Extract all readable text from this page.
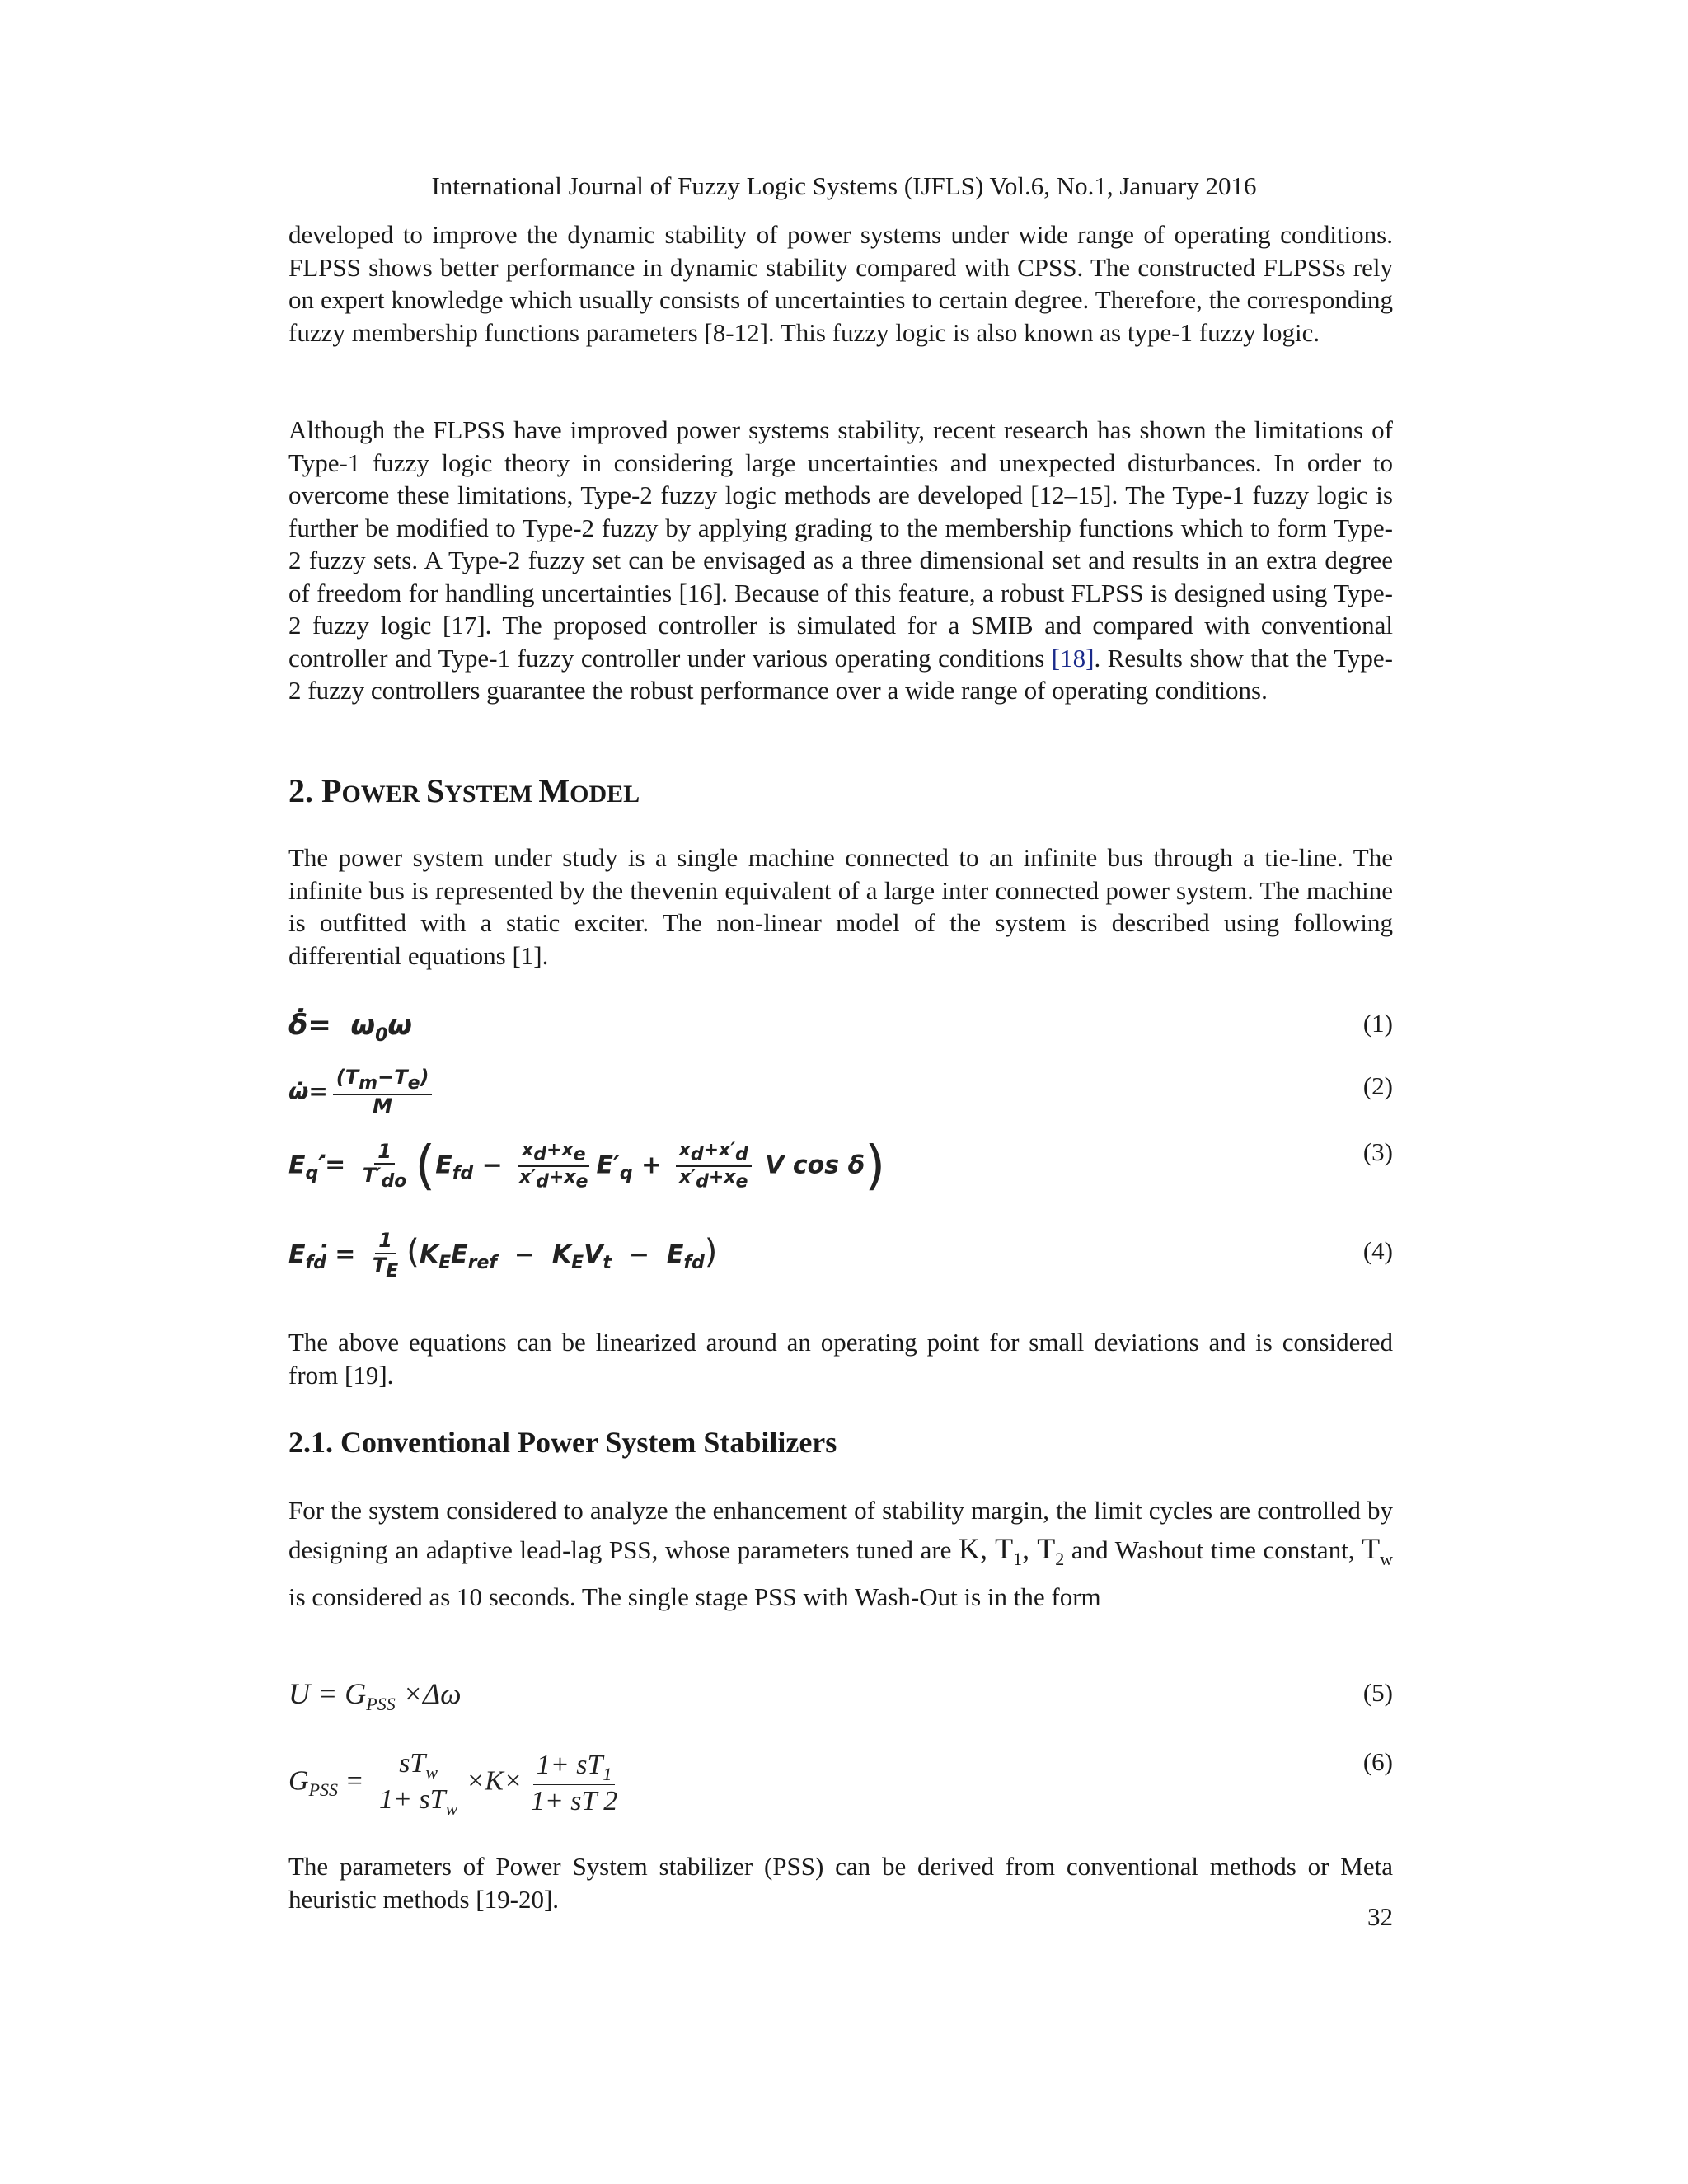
International Journal of Fuzzy Logic Systems (IJFLS) Vol.6, No.1, January 2016

developed to improve the dynamic stability of power systems under wide range of operating conditions. FLPSS shows better performance in dynamic stability compared with CPSS. The constructed FLPSSs rely on expert knowledge which usually consists of uncertainties to certain degree. Therefore, the corresponding fuzzy membership functions parameters [8-12]. This fuzzy logic is also known as type-1 fuzzy logic.

Although the FLPSS have improved power systems stability, recent research has shown the limitations of Type-1 fuzzy logic theory in considering large uncertainties and unexpected disturbances. In order to overcome these limitations, Type-2 fuzzy logic methods are developed [12–15]. The Type-1 fuzzy logic is further be modified to Type-2 fuzzy by applying grading to the membership functions which to form Type-2 fuzzy sets. A Type-2 fuzzy set can be envisaged as a three dimensional set and results in an extra degree of freedom for handling uncertainties [16]. Because of this feature, a robust FLPSS is designed using Type-2 fuzzy logic [17]. The proposed controller is simulated for a SMIB and compared with conventional controller and Type-1 fuzzy controller under various operating conditions [18]. Results show that the Type-2 fuzzy controllers guarantee the robust performance over a wide range of operating conditions.

2. POWER SYSTEM MODEL

The power system under study is a single machine connected to an infinite bus through a tie-line. The infinite bus is represented by the thevenin equivalent of a large inter connected power system. The machine is outfitted with a static exciter. The non-linear model of the system is described using following differential equations [1].

δ̇=  $\omega_0\omega$	(1)
ω̇= $\frac{(T_m-T_e)}{M}$	(2)
$E_q'̇= \frac{1}{T'_{do}} (E_{fd} - \frac{x_d+x_e}{x'_d+x_e} E'_q + \frac{x_d+x'_d}{x'_d+x_e}$ V cos δ)	(3)
$E_{fd}̇ = \frac{1}{T_E} (K_EE_{ref} - K_EV_t - E_{fd})$	(4)

The above equations can be linearized around an operating point for small deviations and is considered from [19].

2.1. Conventional Power System Stabilizers

For the system considered to analyze the enhancement of stability margin, the limit cycles are controlled by designing an adaptive lead-lag PSS, whose parameters tuned are K, $T_1$, $T_2$ and Washout time constant, $T_w$ is considered as 10 seconds. The single stage PSS with Wash-Out is in the form

$U = G_{PSS} \times\Delta\omega$	(5)
$G_{PSS} = \frac{sT_w}{1+ sT_w} \times K\times \frac{1+ sT_1}{1+ sT 2}$	(6)

The parameters of Power System stabilizer (PSS) can be derived from conventional methods or Meta heuristic methods [19-20].

32
